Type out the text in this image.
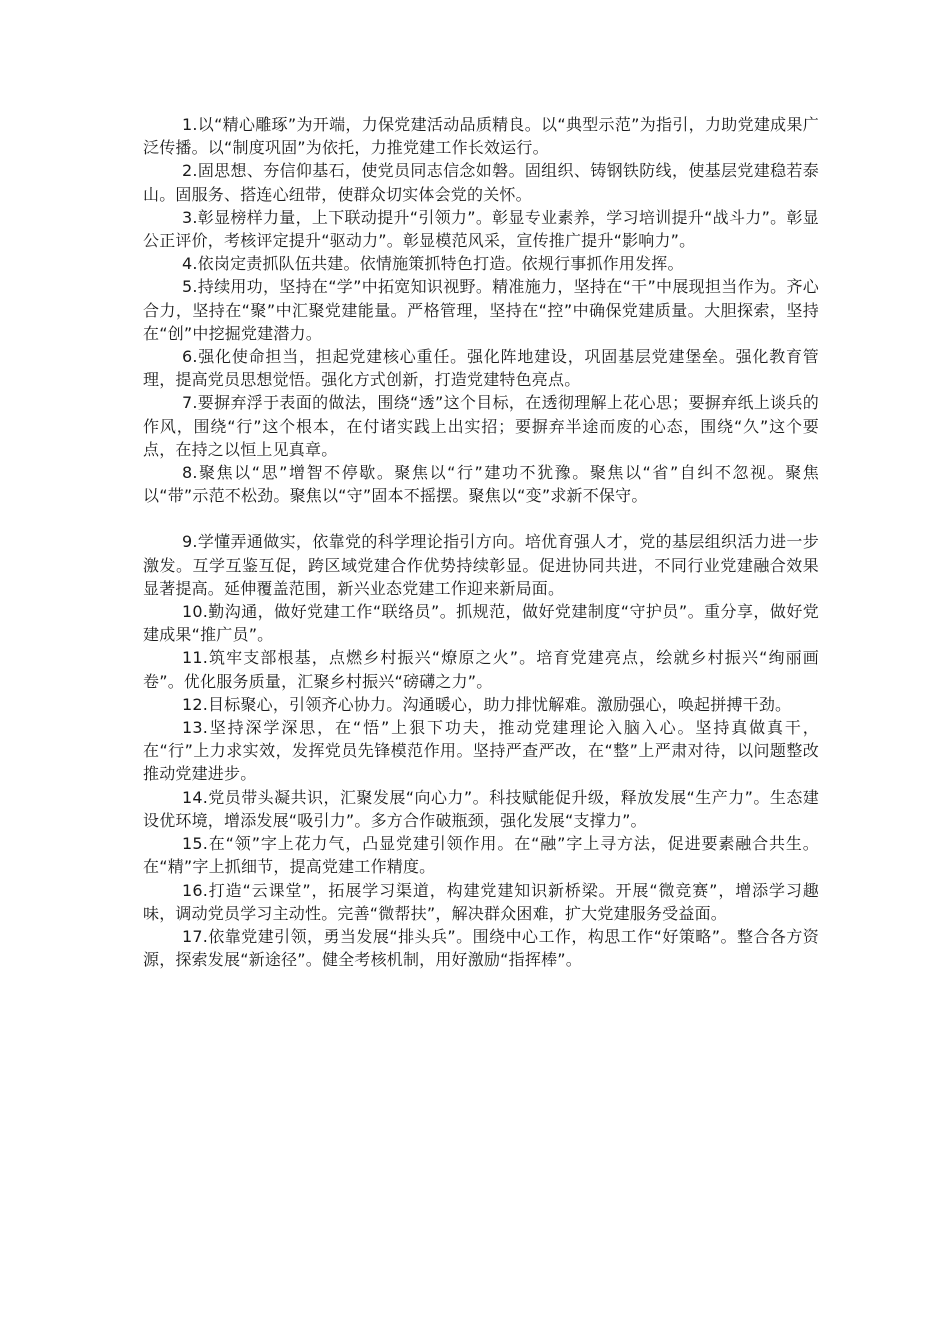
1.以“精心雕琢”为开端，力保党建活动品质精良。以“典型示范”为指引，力助党建成果广泛传播。以“制度巩固”为依托，力推党建工作长效运行。

2.固思想、夯信仰基石，使党员同志信念如磐。固组织、铸钢铁防线，使基层党建稳若泰山。固服务、搭连心纽带，使群众切实体会党的关怀。

3.彰显榜样力量，上下联动提升“引领力”。彰显专业素养，学习培训提升“战斗力”。彰显公正评价，考核评定提升“驱动力”。彰显模范风采，宣传推广提升“影响力”。

4.依岗定责抓队伍共建。依情施策抓特色打造。依规行事抓作用发挥。

5.持续用功，坚持在“学”中拓宽知识视野。精准施力，坚持在“干”中展现担当作为。齐心合力，坚持在“聚”中汇聚党建能量。严格管理，坚持在“控”中确保党建质量。大胆探索，坚持在“创”中挖掘党建潜力。

6.强化使命担当，担起党建核心重任。强化阵地建设，巩固基层党建堡垒。强化教育管理，提高党员思想觉悟。强化方式创新，打造党建特色亮点。

7.要摒弃浮于表面的做法，围绕“透”这个目标，在透彻理解上花心思；要摒弃纸上谈兵的作风，围绕“行”这个根本，在付诸实践上出实招；要摒弃半途而废的心态，围绕“久”这个要点，在持之以恒上见真章。

8.聚焦以“思”增智不停歇。聚焦以“行”建功不犹豫。聚焦以“省”自纠不忽视。聚焦以“带”示范不松劲。聚焦以“守”固本不摇摆。聚焦以“变”求新不保守。

9.学懂弄通做实，依靠党的科学理论指引方向。培优育强人才，党的基层组织活力进一步激发。互学互鉴互促，跨区域党建合作优势持续彰显。促进协同共进，不同行业党建融合效果显著提高。延伸覆盖范围，新兴业态党建工作迎来新局面。

10.勤沟通，做好党建工作“联络员”。抓规范，做好党建制度“守护员”。重分享，做好党建成果“推广员”。

11.筑牢支部根基，点燃乡村振兴“燎原之火”。培育党建亮点，绘就乡村振兴“绚丽画卷”。优化服务质量，汇聚乡村振兴“磅礴之力”。

12.目标聚心，引领齐心协力。沟通暖心，助力排忧解难。激励强心，唤起拼搏干劲。

13.坚持深学深思，在“悟”上狠下功夫，推动党建理论入脑入心。坚持真做真干，在“行”上力求实效，发挥党员先锋模范作用。坚持严查严改，在“整”上严肃对待，以问题整改推动党建进步。

14.党员带头凝共识，汇聚发展“向心力”。科技赋能促升级，释放发展“生产力”。生态建设优环境，增添发展“吸引力”。多方合作破瓶颈，强化发展“支撑力”。

15.在“领”字上花力气，凸显党建引领作用。在“融”字上寻方法，促进要素融合共生。在“精”字上抓细节，提高党建工作精度。

16.打造“云课堂”，拓展学习渠道，构建党建知识新桥梁。开展“微竞赛”，增添学习趣味，调动党员学习主动性。完善“微帮扶”，解决群众困难，扩大党建服务受益面。

17.依靠党建引领，勇当发展“排头兵”。围绕中心工作，构思工作“好策略”。整合各方资源，探索发展“新途径”。健全考核机制，用好激励“指挥棒”。
